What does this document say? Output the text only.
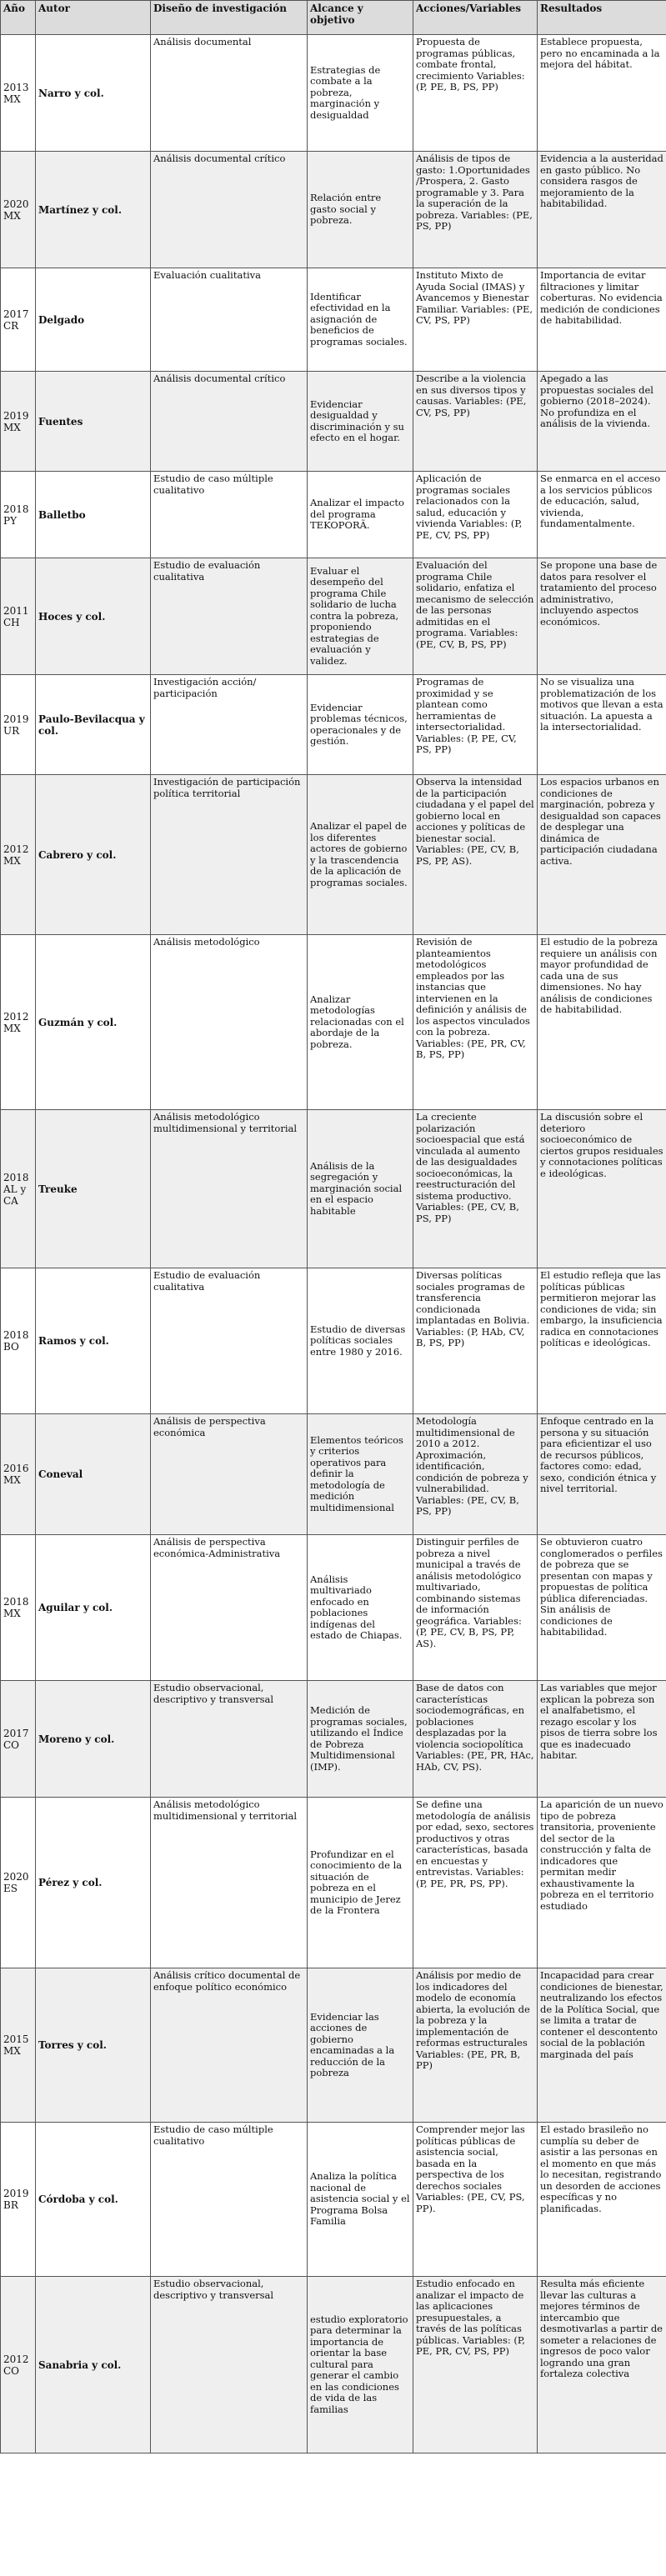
Año	Autor	Diseño de investigación	Alcance y objetivo	Acciones/Variables	Resultados
2013 MX	Narro y col.	Análisis documental	Estrategias de combate a la pobreza, marginación y desigualdad	Propuesta de programas públicas, combate frontal, crecimiento Variables: (P, PE, B, PS, PP)	Establece propuesta, pero no encaminada a la mejora del hábitat.
2020 MX	Martínez y col.	Análisis documental crítico	Relación entre gasto social y pobreza.	Análisis de tipos de gasto: 1.Oportunidades /Prospera, 2. Gasto programable y 3. Para la superación de la pobreza. Variables: (PE, PS, PP)	Evidencia a la austeridad en gasto público. No considera rasgos de mejoramiento de la habitabilidad.
2017 CR	Delgado	Evaluación cualitativa	Identificar efectividad en la asignación de beneficios de programas sociales.	Instituto Mixto de Ayuda Social (IMAS) y Avancemos y Bienestar Familiar. Variables: (PE, CV, PS, PP)	Importancia de evitar filtraciones y limitar coberturas. No evidencia medición de condiciones de habitabilidad.
2019 MX	Fuentes	Análisis documental crítico	Evidenciar desigualdad y discriminación y su efecto en el hogar.	Describe a la violencia en sus diversos tipos y causas. Variables: (PE, CV, PS, PP)	Apegado a las propuestas sociales del gobierno (2018–2024). No profundiza en el análisis de la vivienda.
2018 PY	Balletbo	Estudio de caso múltiple cualitativo	Analizar el impacto del programa TEKOPORÃ.	Aplicación de programas sociales relacionados con la salud, educación y vivienda Variables: (P, PE, CV, PS, PP)	Se enmarca en el acceso a los servicios públicos de educación, salud, vivienda, fundamentalmente.
2011 CH	Hoces y col.	Estudio de evaluación cualitativa	Evaluar el desempeño del programa Chile solidario de lucha contra la pobreza, proponiendo estrategias de evaluación y validez.	Evaluación del programa Chile solidario, enfatiza el mecanismo de selección de las personas admitidas en el programa. Variables: (PE, CV, B, PS, PP)	Se propone una base de datos para resolver el tratamiento del proceso administrativo, incluyendo aspectos económicos.
2019 UR	Paulo-Bevilacqua y col.	Investigación acción/ participación	Evidenciar problemas técnicos, operacionales y de gestión.	Programas de proximidad y se plantean como herramientas de intersectorialidad. Variables: (P, PE, CV, PS, PP)	No se visualiza una problematización de los motivos que llevan a esta situación. La apuesta a la intersectorialidad.
2012 MX	Cabrero y col.	Investigación de participación política territorial	Analizar el papel de los diferentes actores de gobierno y la trascendencia de la aplicación de programas sociales.	Observa la intensidad de la participación ciudadana y el papel del gobierno local en acciones y políticas de bienestar social. Variables: (PE, CV, B, PS, PP, AS).	Los espacios urbanos en condiciones de marginación, pobreza y desigualdad son capaces de desplegar una dinámica de participación ciudadana activa.
2012 MX	Guzmán y col.	Análisis metodológico	Analizar metodologías relacionadas con el abordaje de la pobreza.	Revisión de planteamientos metodológicos empleados por las instancias que intervienen en la definición y análisis de los aspectos vinculados con la pobreza. Variables: (PE, PR, CV, B, PS, PP)	El estudio de la pobreza requiere un análisis con mayor profundidad de cada una de sus dimensiones. No hay análisis de condiciones de habitabilidad.
2018 AL y CA	Treuke	Análisis metodológico multidimensional y territorial	Análisis de la segregación y marginación social en el espacio habitable	La creciente polarización socioespacial que está vinculada al aumento de las desigualdades socioeconómicas, la reestructuración del sistema productivo. Variables: (PE, CV, B, PS, PP)	La discusión sobre el deterioro socioeconómico de ciertos grupos residuales y connotaciones políticas e ideológicas.
2018 BO	Ramos y col.	Estudio de evaluación cualitativa	Estudio de diversas políticas sociales entre 1980 y 2016.	Diversas políticas sociales programas de transferencia condicionada implantadas en Bolivia. Variables: (P, HAb, CV, B, PS, PP)	El estudio refleja que las políticas públicas permitieron mejorar las condiciones de vida; sin embargo, la insuficiencia radica en connotaciones políticas e ideológicas.
2016 MX	Coneval	Análisis de perspectiva económica	Elementos teóricos y criterios operativos para definir la metodología de medición multidimensional	Metodología multidimensional de 2010 a 2012. Aproximación, identificación, condición de pobreza y vulnerabilidad. Variables: (PE, CV, B, PS, PP)	Enfoque centrado en la persona y su situación para eficientizar el uso de recursos públicos, factores como: edad, sexo, condición étnica y nivel territorial.
2018 MX	Aguilar y col.	Análisis de perspectiva económica-Administrativa	Análisis multivariado enfocado en poblaciones indígenas del estado de Chiapas.	Distinguir perfiles de pobreza a nivel municipal a través de análisis metodológico multivariado, combinando sistemas de información geográfica. Variables: (P, PE, CV, B, PS, PP, AS).	Se obtuvieron cuatro conglomerados o perfiles de pobreza que se presentan con mapas y propuestas de política pública diferenciadas. Sin análisis de condiciones de habitabilidad.
2017 CO	Moreno y col.	Estudio observacional, descriptivo y transversal	Medición de programas sociales, utilizando el Índice de Pobreza Multidimensional (IMP).	Base de datos con características sociodemográficas, en poblaciones desplazadas por la violencia sociopolítica Variables: (PE, PR, HAc, HAb, CV, PS).	Las variables que mejor explican la pobreza son el analfabetismo, el rezago escolar y los pisos de tierra sobre los que es inadecuado habitar.
2020 ES	Pérez y col.	Análisis metodológico multidimensional y territorial	Profundizar en el conocimiento de la situación de pobreza en el municipio de Jerez de la Frontera	Se define una metodología de análisis por edad, sexo, sectores productivos y otras características, basada en encuestas y entrevistas. Variables: (P, PE, PR, PS, PP).	La aparición de un nuevo tipo de pobreza transitoria, proveniente del sector de la construcción y falta de indicadores que permitan medir exhaustivamente la pobreza en el territorio estudiado
2015 MX	Torres y col.	Análisis crítico documental de enfoque político económico	Evidenciar las acciones de gobierno encaminadas a la reducción de la pobreza	Análisis por medio de los indicadores del modelo de economía abierta, la evolución de la pobreza y la implementación de reformas estructurales Variables: (PE, PR, B, PP)	Incapacidad para crear condiciones de bienestar, neutralizando los efectos de la Política Social, que se limita a tratar de contener el descontento social de la población marginada del país
2019 BR	Córdoba y col.	Estudio de caso múltiple cualitativo	Analiza la política nacional de asistencia social y el Programa Bolsa Familia	Comprender mejor las políticas públicas de asistencia social, basada en la perspectiva de los derechos sociales Variables: (PE, CV, PS, PP).	El estado brasileño no cumplía su deber de asistir a las personas en el momento en que más lo necesitan, registrando un desorden de acciones específicas y no planificadas.
2012 CO	Sanabria y col.	Estudio observacional, descriptivo y transversal	estudio exploratorio para determinar la importancia de orientar la base cultural para generar el cambio en las condiciones de vida de las familias	Estudio enfocado en analizar el impacto de las aplicaciones presupuestales, a través de las políticas públicas. Variables: (P, PE, PR, CV, PS, PP)	Resulta más eficiente llevar las culturas a mejores términos de intercambio que desmotivarlas a partir de someter a relaciones de ingresos de poco valor logrando una gran fortaleza colectiva
